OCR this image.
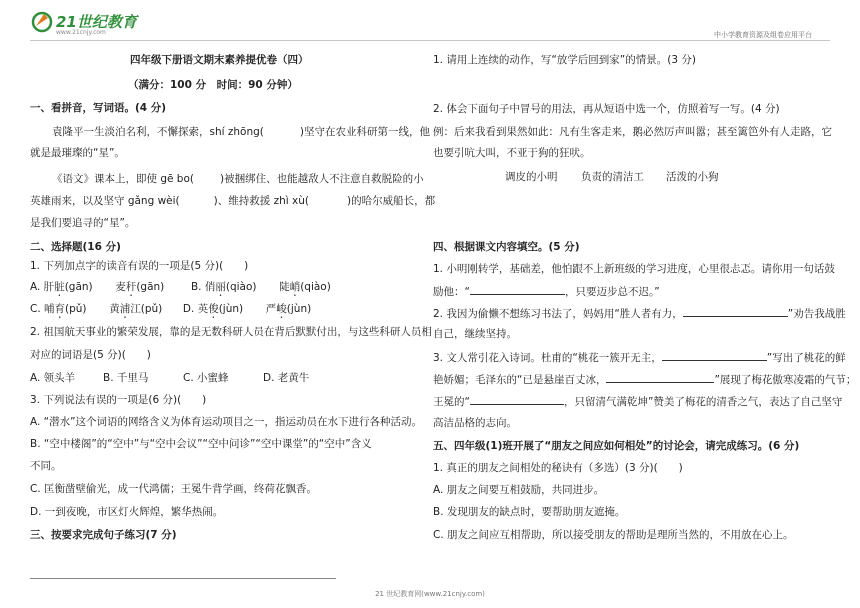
21世纪教育
www.21cnjy.com	中小学教育资源及组卷应用平台
四年级下册语文期末素养提优卷（四）
（满分：100 分　时间：90 分钟）
一、看拼音，写词语。(4 分)
袁隆平一生淡泊名利，不懈探索，shí zhōng(	)坚守在农业科研第一线，他
就是最璀璨的“星”。
《语文》课本上，即使 gē bo( )被捆绑住、也能越敌人不注意自救脱险的小
英雄雨来，以及坚守 gǎng wèi(	)、维持救援 zhì xù(	)的哈尔威船长，都
是我们要追寻的“星”。
二、选择题(16 分)
1. 下列加点字的读音有误的一项是(5 分)(　　)
A. 肝脏(gān) 麦秆(gān)	B. 俏丽(qiào) 陡峭(qiào)
C. 哺育(pǔ) 黄浦江(pǔ) D. 英俊(jùn) 严峻(jùn)
2. 祖国航天事业的繁荣发展，靠的是无数科研人员在背后默默付出，与这些科研人员相
对应的词语是(5 分)(　　)
A. 领头羊	B. 千里马	C. 小蜜蜂	D. 老黄牛
3. 下列说法有误的一项是(6 分)(　　)
A. “潜水”这个词语的网络含义为体育运动项目之一，指运动员在水下进行各种活动。
B. “空中楼阁”的“空中”与“空中会议”“空中问诊”“空中课堂”的“空中”含义
不同。
C. 匡衡凿壁偷光，成一代鸿儒；王冕牛背学画，终荷花飘香。
D. 一到夜晚，市区灯火辉煌，繁华热闹。
三、按要求完成句子练习(7 分)
1. 请用上连续的动作，写“放学后回到家”的情景。(3 分)
2. 体会下面句子中冒号的用法，再从短语中选一个，仿照着写一写。(4 分)
例：后来我看到果然如此：凡有生客走来，鹅必然厉声叫嚣；甚至篱笆外有人走路，它
也要引吭大叫，不亚于狗的狂吠。
调皮的小明 负责的清洁工 活泼的小狗
四、根据课文内容填空。(5 分)
1. 小明刚转学，基础差，他怕跟不上新班级的学习进度，心里很忐忑。请你用一句话鼓
励他：“	，只要迈步总不迟。”
2. 我因为偷懒不想练习书法了，妈妈用“胜人者有力，	”劝告我战胜
自己，继续坚持。
3. 文人常引花入诗词。杜甫的“桃花一簇开无主，	”写出了桃花的鲜
艳娇媚；毛泽东的“已是悬崖百丈冰，	”展现了梅花傲寒凌霜的气节；
王冕的“	，只留清气满乾坤”赞美了梅花的清香之气，表达了自己坚守
高洁品格的志向。
五、四年级(1)班开展了“朋友之间应如何相处”的讨论会，请完成练习。(6 分)
1. 真正的朋友之间相处的秘诀有（多选）(3 分)(　　)
A. 朋友之间要互相鼓励，共同进步。
B. 发现朋友的缺点时，要帮助朋友遮掩。
C. 朋友之间应互相帮助，所以接受朋友的帮助是理所当然的，不用放在心上。
21 世纪教育网(www.21cnjy.com)
